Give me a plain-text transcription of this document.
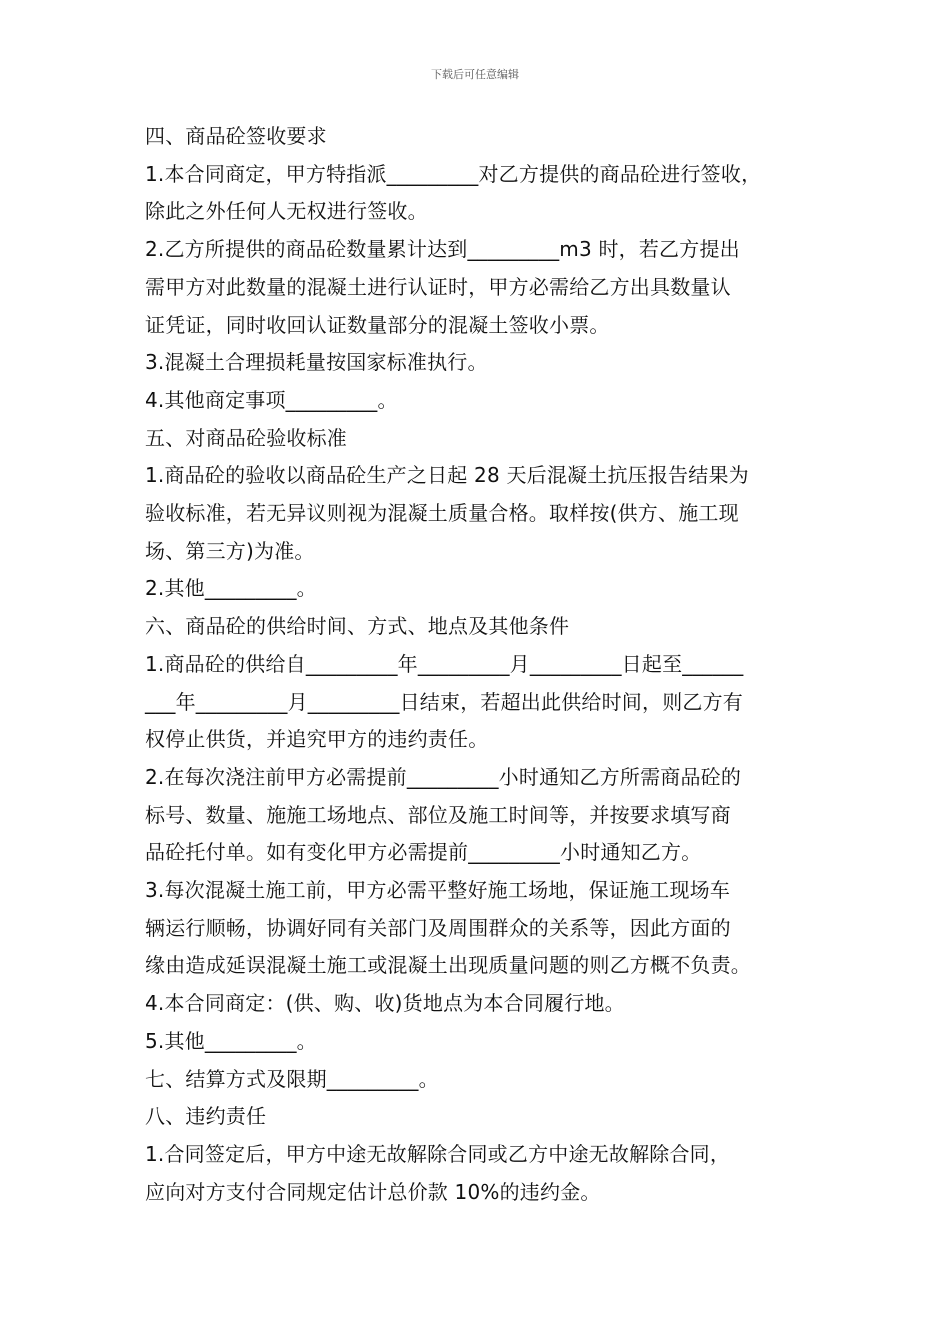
下载后可任意编辑
四、商品砼签收要求
1.本合同商定，甲方特指派_________对乙方提供的商品砼进行签收，
除此之外任何人无权进行签收。
2.乙方所提供的商品砼数量累计达到_________m3 时，若乙方提出
需甲方对此数量的混凝土进行认证时，甲方必需给乙方出具数量认
证凭证，同时收回认证数量部分的混凝土签收小票。
3.混凝土合理损耗量按国家标准执行。
4.其他商定事项_________。
五、对商品砼验收标准
1.商品砼的验收以商品砼生产之日起 28 天后混凝土抗压报告结果为
验收标准，若无异议则视为混凝土质量合格。取样按(供方、施工现
场、第三方)为准。
2.其他_________。
六、商品砼的供给时间、方式、地点及其他条件
1.商品砼的供给自_________年_________月_________日起至______
___年_________月_________日结束，若超出此供给时间，则乙方有
权停止供货，并追究甲方的违约责任。
2.在每次浇注前甲方必需提前_________小时通知乙方所需商品砼的
标号、数量、施施工场地点、部位及施工时间等，并按要求填写商
品砼托付单。如有变化甲方必需提前_________小时通知乙方。
3.每次混凝土施工前，甲方必需平整好施工场地，保证施工现场车
辆运行顺畅，协调好同有关部门及周围群众的关系等，因此方面的
缘由造成延误混凝土施工或混凝土出现质量问题的则乙方概不负责。
4.本合同商定：(供、购、收)货地点为本合同履行地。
5.其他_________。
七、结算方式及限期_________。
八、违约责任
1.合同签定后，甲方中途无故解除合同或乙方中途无故解除合同，
应向对方支付合同规定估计总价款 10%的违约金。
